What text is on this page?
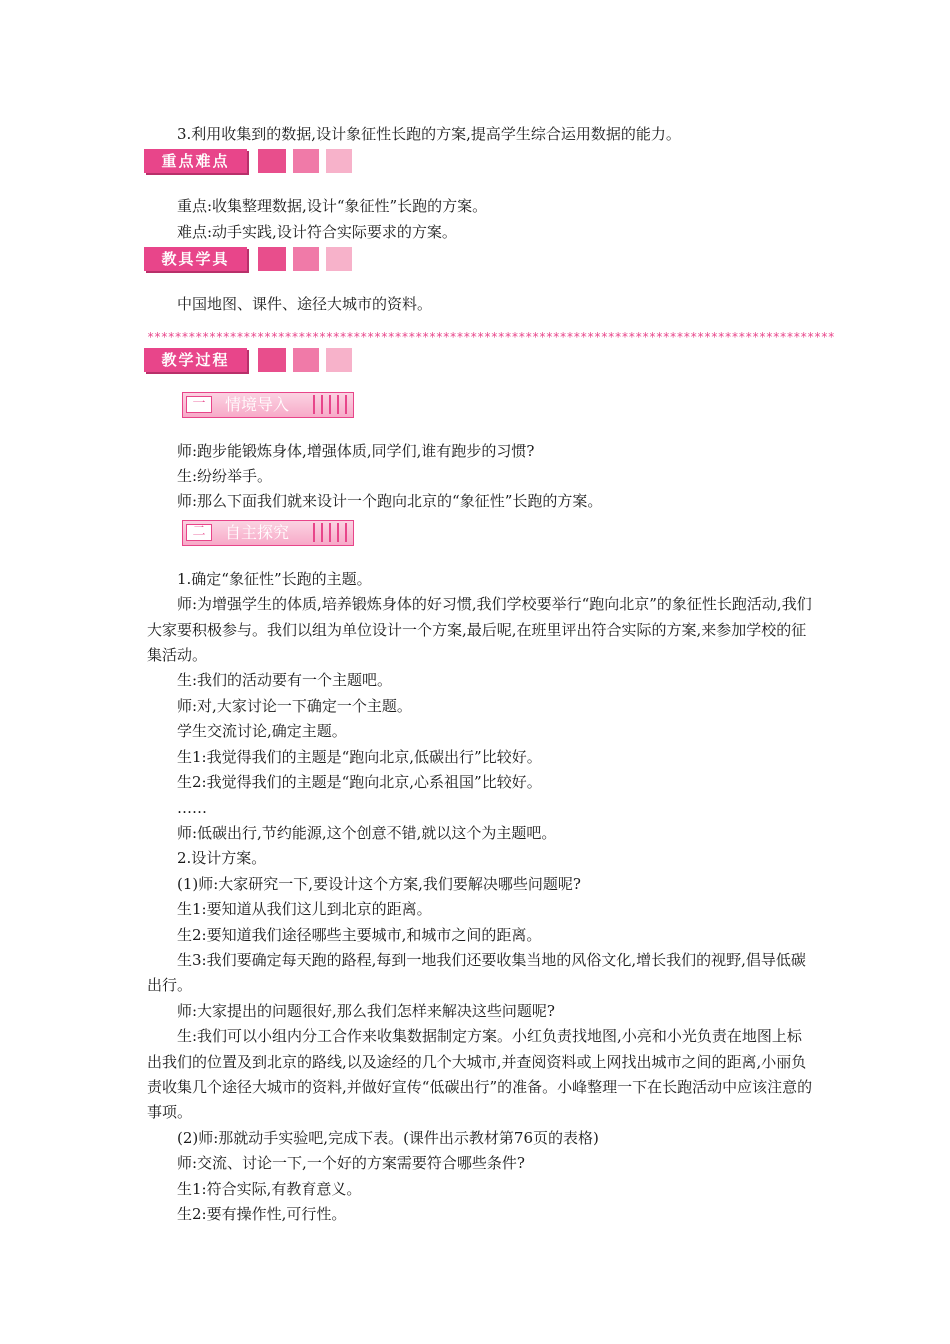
3.利用收集到的数据,设计象征性长跑的方案,提高学生综合运用数据的能力。

重点难点

重点:收集整理数据,设计“象征性”长跑的方案。

难点:动手实践,设计符合实际要求的方案。

教具学具

中国地图、课件、途径大城市的资料。

教学过程
一	情境导入

师:跑步能锻炼身体,增强体质,同学们,谁有跑步的习惯?

生:纷纷举手。

师:那么下面我们就来设计一个跑向北京的“象征性”长跑的方案。

二	自主探究

1.确定“象征性”长跑的主题。

师:为增强学生的体质,培养锻炼身体的好习惯,我们学校要举行“跑向北京”的象征性长跑活动,我们大家要积极参与。我们以组为单位设计一个方案,最后呢,在班里评出符合实际的方案,来参加学校的征集活动。

生:我们的活动要有一个主题吧。

师:对,大家讨论一下确定一个主题。

学生交流讨论,确定主题。

生1:我觉得我们的主题是“跑向北京,低碳出行”比较好。

生2:我觉得我们的主题是“跑向北京,心系祖国”比较好。

……

师:低碳出行,节约能源,这个创意不错,就以这个为主题吧。

2.设计方案。

(1)师:大家研究一下,要设计这个方案,我们要解决哪些问题呢?

生1:要知道从我们这儿到北京的距离。

生2:要知道我们途径哪些主要城市,和城市之间的距离。

生3:我们要确定每天跑的路程,每到一地我们还要收集当地的风俗文化,增长我们的视野,倡导低碳出行。

师:大家提出的问题很好,那么我们怎样来解决这些问题呢?

生:我们可以小组内分工合作来收集数据制定方案。小红负责找地图,小亮和小光负责在地图上标出我们的位置及到北京的路线,以及途经的几个大城市,并查阅资料或上网找出城市之间的距离,小丽负责收集几个途径大城市的资料,并做好宣传“低碳出行”的准备。小峰整理一下在长跑活动中应该注意的事项。

(2)师:那就动手实验吧,完成下表。(课件出示教材第76页的表格)

师:交流、讨论一下,一个好的方案需要符合哪些条件?

生1:符合实际,有教育意义。

生2:要有操作性,可行性。

****************************************************************************************************
